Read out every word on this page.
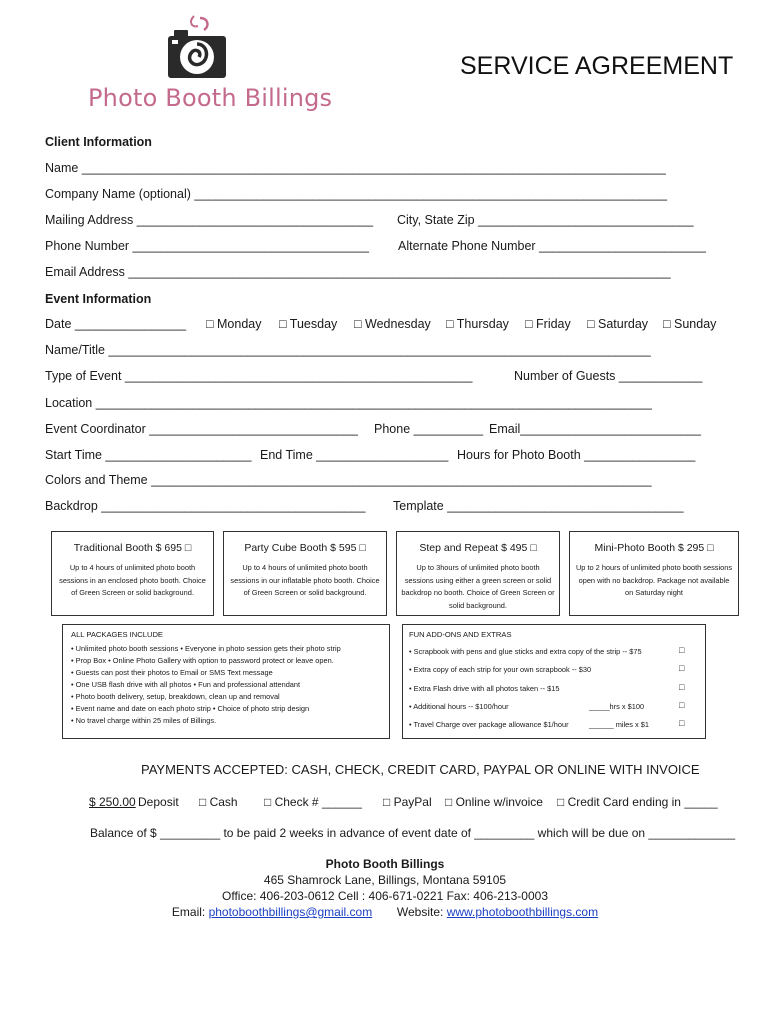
Photo Booth Billings
SERVICE AGREEMENT
Client Information
Name ____________________________________________________________________________________
Company Name (optional) ____________________________________________________________________
Mailing Address __________________________________ City, State Zip _______________________________
Phone Number __________________________________ Alternate Phone Number ________________________
Email Address ______________________________________________________________________________
Event Information
Date ________________ □ Monday □ Tuesday □ Wednesday □ Thursday □ Friday □ Saturday □ Sunday
Name/Title ______________________________________________________________________________
Type of Event __________________________________________________	Number of Guests ____________
Location ________________________________________________________________________________
Event Coordinator ______________________________ Phone __________ Email__________________________
Start Time _____________________ End Time ___________________ Hours for Photo Booth ________________
Colors and Theme ________________________________________________________________________
Backdrop ______________________________________ Template __________________________________
Traditional Booth $ 695 □
Up to 4 hours of unlimited photo booth sessions in an enclosed photo booth. Choice of Green Screen or solid background.
Party Cube Booth $ 595 □
Up to 4 hours of unlimited photo booth sessions in our inflatable photo booth. Choice of Green Screen or solid background.
Step and Repeat $ 495 □
Up to 3hours of unlimited photo booth sessions using either a green screen or solid backdrop no booth. Choice of Green Screen or solid background.
Mini-Photo Booth $ 295 □
Up to 2 hours of unlimited photo booth sessions open with no backdrop. Package not available on Saturday night
ALL PACKAGES INCLUDE
• Unlimited photo booth sessions • Everyone in photo session gets their photo strip
• Prop Box • Online Photo Gallery with option to password protect or leave open.
• Guests can post their photos to Email or SMS Text message
• One USB flash drive with all photos • Fun and professional attendant
• Photo booth delivery, setup, breakdown, clean up and removal
• Event name and date on each photo strip • Choice of photo strip design
• No travel charge within 25 miles of Billings.
FUN ADD-ONS AND EXTRAS
• Scrapbook with pens and glue sticks and extra copy of the strip -- $75	□
• Extra copy of each strip for your own scrapbook -- $30	□
• Extra Flash drive with all photos taken -- $15	□
• Additional hours -- $100/hour	_____hrs x $100	□
• Travel Charge over package allowance $1/hour	______ miles x $1	□
PAYMENTS ACCEPTED: CASH, CHECK, CREDIT CARD, PAYPAL OR ONLINE WITH INVOICE
$ 250.00 Deposit □ Cash □ Check # ______ □ PayPal □ Online w/invoice □ Credit Card ending in _____
Balance of $ _________ to be paid 2 weeks in advance of event date of _________ which will be due on _____________
Photo Booth Billings
465 Shamrock Lane, Billings, Montana 59105
Office: 406-203-0612 Cell : 406-671-0221 Fax: 406-213-0003
Email: photoboothbillings@gmail.com Website: www.photoboothbillings.com
